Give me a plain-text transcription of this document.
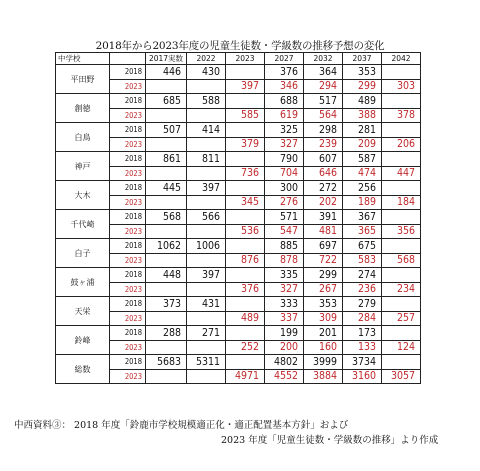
2018年から2023年度の児童生徒数・学級数の推移予想の変化
中学校		2017実数	2022	2023	2027	2032	2037	2042
平田野	2018	446	430		376	364	353	
	2023			397	346	294	299	303
創徳	2018	685	588		688	517	489	
	2023			585	619	564	388	378
白鳥	2018	507	414		325	298	281	
	2023			379	327	239	209	206
神戸	2018	861	811		790	607	587	
	2023			736	704	646	474	447
大木	2018	445	397		300	272	256	
	2023			345	276	202	189	184
千代崎	2018	568	566		571	391	367	
	2023			536	547	481	365	356
白子	2018	1062	1006		885	697	675	
	2023			876	878	722	583	568
鼓ヶ浦	2018	448	397		335	299	274	
	2023			376	327	267	236	234
天栄	2018	373	431		333	353	279	
	2023			489	337	309	284	257
鈴峰	2018	288	271		199	201	173	
	2023			252	200	160	133	124
総数	2018	5683	5311		4802	3999	3734	
	2023			4971	4552	3884	3160	3057
中西資料③： 2018 年度「鈴鹿市学校規模適正化・適正配置基本方針」および
2023 年度「児童生徒数・学級数の推移」より作成
